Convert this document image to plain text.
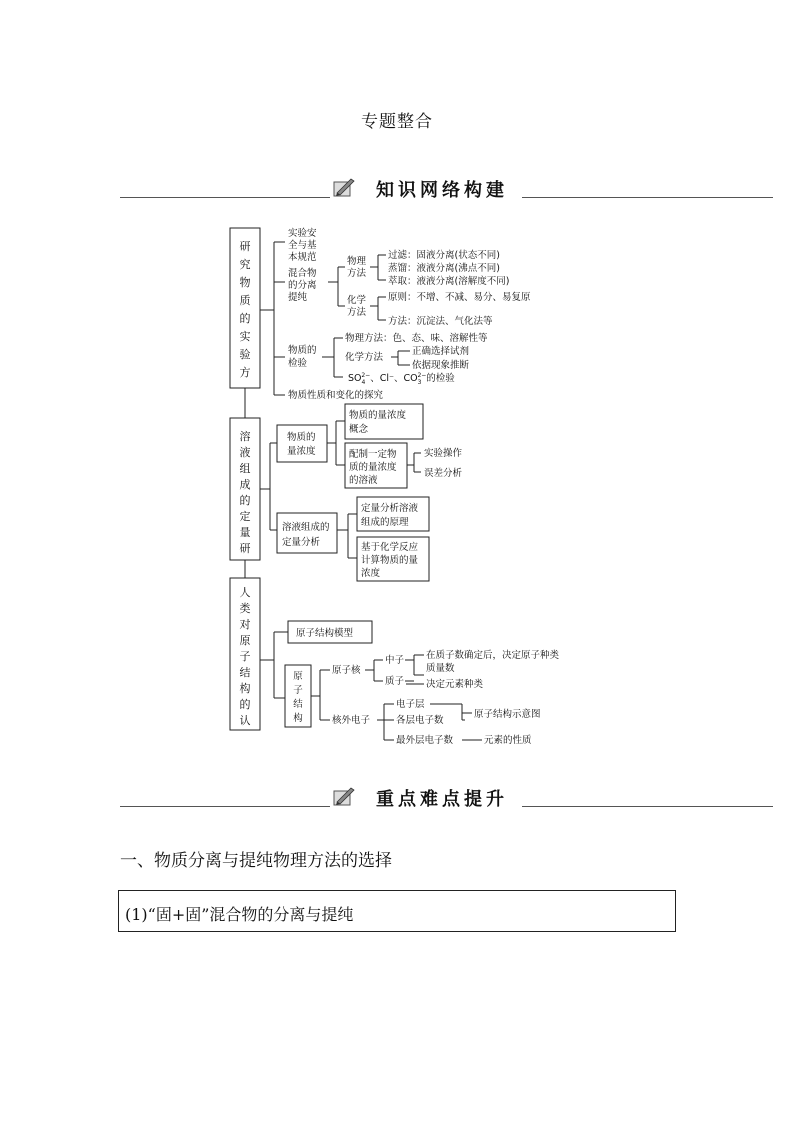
专题整合
知识网络构建
研
究
物
质
的
实
验
方
溶
液
组
成
的
定
量
研
人
类
对
原
子
结
构
的
认
实验安
全与基
本规范
混合物
的分离
提纯
物理
方法
过滤：固液分离(状态不同)
蒸馏：液液分离(沸点不同)
萃取：液液分离(溶解度不同)
化学
方法
原则：不增、不减、易分、易复原
方法：沉淀法、气化法等
物质的
检验
物理方法：色、态、味、溶解性等
化学方法
正确选择试剂
依据现象推断
$SO_42-$、Cl⁻、$CO_32-$的检验
物质性质和变化的探究
物质的
量浓度
物质的量浓度
概念
配制一定物
质的量浓度
的溶液
实验操作
误差分析
溶液组成的
定量分析
定量分析溶液
组成的原理
基于化学反应
计算物质的量
浓度
原子结构模型
原
子
结
构
原子核
中子
质子
在质子数确定后，决定原子种类
质量数
决定元素种类
核外电子
电子层
各层电子数
最外层电子数
原子结构示意图
元素的性质
重点难点提升
一、物质分离与提纯物理方法的选择
(1)“固+固”混合物的分离与提纯
